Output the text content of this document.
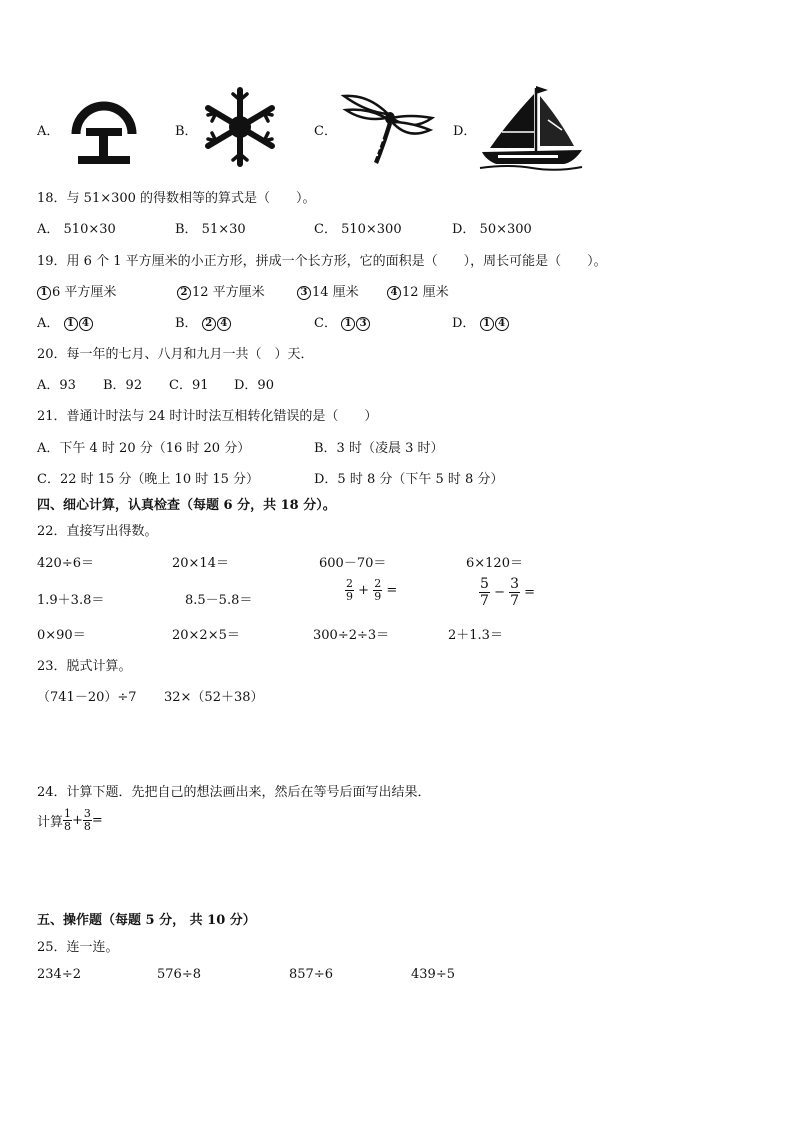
A．	B．	C．	D．
18．与 51×300 的得数相等的算式是（　　）。
A． 510×30	B． 51×30	C． 510×300	D． 50×300
19．用 6 个 1 平方厘米的小正方形，拼成一个长方形，它的面积是（　　），周长可能是（　　）。
1 6 平方厘米	2 12 平方厘米	3 14 厘米	4 12 厘米
A． 1 4	B． 2 4	C． 1 3	D． 1 4
20．每一年的七月、八月和九月一共（　）天．
A．93 B．92 C．91 D．90
21．普通计时法与 24 时计时法互相转化错误的是（　　）
A．下午 4 时 20 分（16 时 20 分）	B．3 时（凌晨 3 时）
C．22 时 15 分（晚上 10 时 15 分）	D．5 时 8 分（下午 5 时 8 分）
四、细心计算，认真检查（每题 6 分，共 18 分）。
22．直接写出得数。
420÷6＝	20×14＝	600－70＝	6×120＝
1.9＋3.8＝	8.5－5.8＝	$\frac{2}{9} + \frac{2}{9}$ =	$\frac{5}{7} - \frac{3}{7}$ =
0×90＝	20×2×5＝	300÷2÷3＝	2＋1.3＝
23．脱式计算。
（741－20）÷7 32×（52＋38）
24．计算下题．先把自己的想法画出来，然后在等号后面写出结果．
计算 $\frac{1}{8} + \frac{3}{8}$ =
五、操作题（每题 5 分， 共 10 分）
25．连一连。
234÷2	576÷8	857÷6	439÷5
